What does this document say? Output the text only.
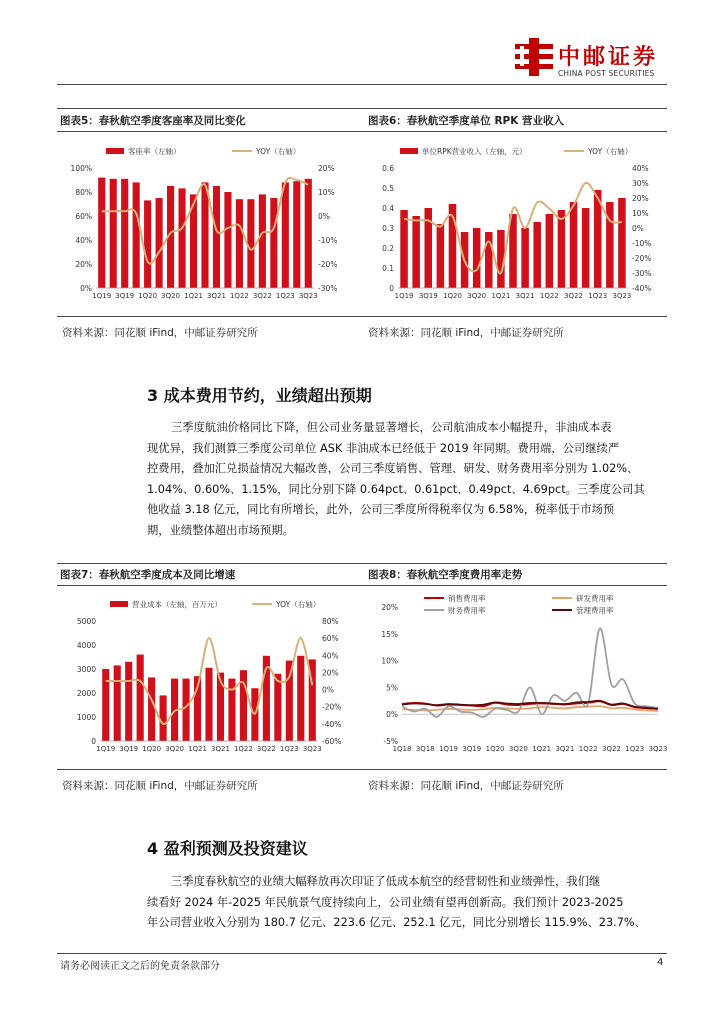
中邮证券
CHINA POST SECURITIES
图表5：春秋航空季度客座率及同比变化	图表6：春秋航空季度单位 RPK 营业收入
客座率（左轴）	YOY（右轴）
0%
20%
40%
60%
80%
100%
-30%
-20%
-10%
0%
10%
20%
1Q19 3Q19 1Q20 3Q20 1Q21 3Q21 1Q22 3Q22 1Q23 3Q23
单位RPK营业收入（左轴，元）	YOY（右轴）
0
0.1
0.2
0.3
0.4
0.5
0.6
-40%
-30%
-20%
-10%
0%
10%
20%
30%
40%
1Q19 3Q19 1Q20 3Q20 1Q21 3Q21 1Q22 3Q22 1Q23 3Q23
资料来源：同花顺 iFind，中邮证券研究所	资料来源：同花顺 iFind，中邮证券研究所
3 成本费用节约，业绩超出预期
三季度航油价格同比下降，但公司业务量显著增长，公司航油成本小幅提升，非油成本表
现优异，我们测算三季度公司单位 ASK 非油成本已经低于 2019 年同期。费用端，公司继续严
控费用，叠加汇兑损益情况大幅改善，公司三季度销售、管理、研发、财务费用率分别为 1.02%、
1.04%、0.60%、1.15%，同比分别下降 0.64pct、0.61pct、0.49pct、4.69pct。三季度公司其
他收益 3.18 亿元，同比有所增长，此外，公司三季度所得税率仅为 6.58%，税率低于市场预
期，业绩整体超出市场预期。
图表7：春秋航空季度成本及同比增速	图表8：春秋航空季度费用率走势
营业成本（左轴，百万元）	YOY（右轴）
0
1000
2000
3000
4000
5000
-60%
-40%
-20%
0%
20%
40%
60%
80%
1Q19 3Q19 1Q20 3Q20 1Q21 3Q21 1Q22 3Q22 1Q23 3Q23
-5%
0%
5%
10%
15%
20%
销售费用率	研发费用率
财务费用率	管理费用率
1Q18 3Q18 1Q19 3Q19 1Q20 3Q20 1Q21 3Q21 1Q22 3Q22 1Q23 3Q23
资料来源：同花顺 iFind，中邮证券研究所	资料来源：同花顺 iFind，中邮证券研究所
4 盈利预测及投资建议
三季度春秋航空的业绩大幅释放再次印证了低成本航空的经营韧性和业绩弹性，我们继
续看好 2024 年-2025 年民航景气度持续向上，公司业绩有望再创新高。我们预计 2023-2025
年公司营业收入分别为 180.7 亿元、223.6 亿元、252.1 亿元，同比分别增长 115.9%、23.7%、
请务必阅读正文之后的免责条款部分	4
